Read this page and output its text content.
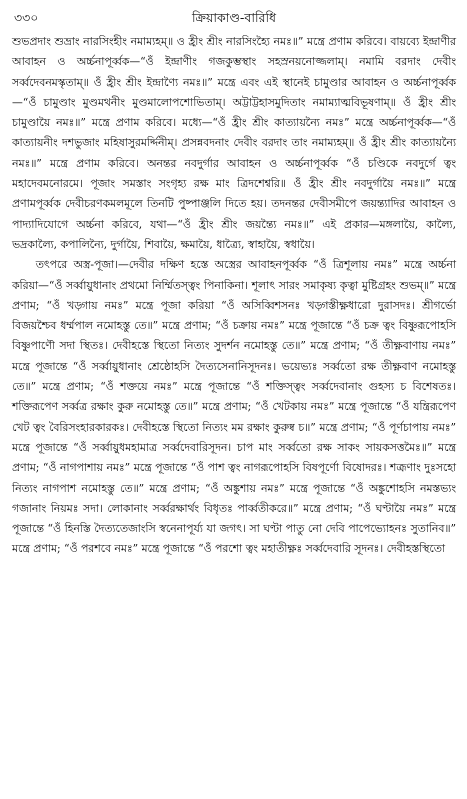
৩৩০	ক্রিয়াকাণ্ড-বারিধি

শুভপ্রদাং শুভ্রাং নারসিংহীং নমাম্যহম্‌॥ ও হ্রীং শ্রীং নারসিংহ্যৈ নমঃ॥” মন্ত্রে প্রণাম করিবে। বায়ব্যে ইন্দ্রাণীর আবাহন ও অর্চ্চনাপূর্ব্বক—“ওঁ ইন্দ্রাণীং গজকুম্ভস্থাং সহস্রনয়নোজ্জলাম্‌। নমামি বরদাং দেবীং সর্ব্বদেবনমস্কৃতাম্‌॥ ওঁ হ্রীং শ্রীং ইন্দ্রাণ্যৈ নমঃ॥” মন্ত্রে এবং এই স্থানেই চামুণ্ডার আবাহন ও অর্চ্চনাপূর্ব্বক—“ওঁ চামুণ্ডাং মুণ্ডমথনীং মুণ্ডমালোপশোভিতাম্‌। অট্টাট্টহাসমুদিতাং নমাম্যাত্মবিভূষণাম্‌॥ ওঁ হ্রীং শ্রীং চামুণ্ডায়ৈ নমঃ॥” মন্ত্রে প্রণাম করিবে। মধ্যে—“ওঁ হ্রীং শ্রীং কাত্যায়ন্যৈ নমঃ” মন্ত্রে অর্চ্চনাপূর্ব্বক—“ওঁ কাত্যায়নীং দশভুজাং মহিষাসুরমর্দ্দিনীম্‌। প্রসন্নবদনাং দেবীং বরদাং তাং নমাম্যহম্‌॥ ওঁ হ্রীং শ্রীং কাত্যায়ন্যৈ নমঃ॥” মন্ত্রে প্রণাম করিবে। অনন্তর নবদুর্গার আবাহন ও অর্চ্চনাপূর্ব্বক “ওঁ চণ্ডিকে নবদুর্গে ত্বং মহাদেবমনোরমে। পূজাং সমস্তাং সংগৃহ্য রক্ষ মাং ত্রিদশেশ্বরি॥ ওঁ হ্রীং শ্রীং নবদুর্গায়ৈ নমঃ॥” মন্ত্রে প্রণামপূর্ব্বক দেবীচরণকমলমূলে তিনটি পুষ্পাঞ্জলি দিতে হয়। তদনন্তর দেবীসমীপে জয়ন্ত্যাদির আবাহন ও পাদ্যাদিযোগে অর্চ্চনা করিবে, যথা—“ওঁ হ্রীং শ্রীং জয়ন্ত্যৈ নমঃ॥” এই প্রকার—মঙ্গলায়ৈ, কাল্যৈ, ভদ্রকাল্যৈ, কপালিন্যৈ, দুর্গায়ৈ, শিবায়ৈ, ক্ষমায়ৈ, ধাত্র্যৈ, স্বাহায়ৈ, স্বধায়ৈ।

তৎপরে অস্ত্র-পূজা।—দেবীর দক্ষিণ হস্তে অস্ত্রের আবাহনপূর্ব্বক “ওঁ ত্রিশূলায় নমঃ” মন্ত্রে অর্চ্চনা করিয়া—“ওঁ সর্ব্বায়ুধানাং প্রথমো নির্ম্মিতস্ত্বং পিনাকিনা। শূলাৎ সারং সমাকৃষ্য কৃত্বা মুষ্টিগ্রহং শুভম্‌॥” মন্ত্রে প্রণাম; “ওঁ খড়্গায় নমঃ” মন্ত্রে পূজা করিয়া “ওঁ অসিব্বিশসনঃ খড়্গস্তীক্ষ্ণধারো দুরাসদঃ। শ্রীগর্ভো বিজয়শ্চৈব ধর্ম্মপাল নমোহস্তু তে॥” মন্ত্রে প্রণাম; “ওঁ চক্রায় নমঃ” মন্ত্রে পূজান্তে “ওঁ চক্র ত্বং বিষ্ণুরূপোহসি বিষ্ণুপাণৌ সদা স্থিতঃ। দেবীহস্তে স্থিতো নিত্যং সুদর্শন নমোহস্তু তে॥” মন্ত্রে প্রণাম; “ওঁ তীক্ষ্ণবাণায় নমঃ” মন্ত্রে পূজান্তে “ওঁ সর্ব্বায়ুধানাং শ্রেষ্ঠোহসি দৈত্যসেনানিসূদনঃ। ভয়েভ্যঃ সর্ব্বতো রক্ষ তীক্ষ্ণবাণ নমোহস্তু তে॥” মন্ত্রে প্রণাম; “ওঁ শক্তয়ে নমঃ” মন্ত্রে পূজান্তে “ওঁ শক্তিস্ত্বং সর্ব্বদেবানাং গুহস্য চ বিশেষতঃ। শক্তিরূপেণ সর্ব্বত্র রক্ষাং কুরু নমোহস্তু তে॥” মন্ত্রে প্রণাম; “ওঁ খেটকায় নমঃ” মন্ত্রে পূজান্তে “ওঁ যন্ত্রিরূপেণ খেট ত্বং বৈরিসংহারকারকঃ। দেবীহস্তে স্থিতো নিত্যং মম রক্ষাং কুরুষ্ব চ॥” মন্ত্রে প্রণাম; “ওঁ পূর্ণচাপায় নমঃ” মন্ত্রে পূজান্তে “ওঁ সর্ব্বায়ুধমহামাত্র সর্ব্বদেবারিসূদন। চাপ মাং সর্ব্বতো রক্ষ সাকং সায়কসত্তমৈঃ॥” মন্ত্রে প্রণাম; “ওঁ নাগপাশায় নমঃ” মন্ত্রে পূজান্তে “ওঁ পাশ ত্বং নাগরূপোহসি বিষপূর্ণো বিষোদরঃ। শত্রূণাং দুঃসহো নিত্যং নাগপাশ নমোহস্তু তে॥” মন্ত্রে প্রণাম; “ওঁ অঙ্কুশায় নমঃ” মন্ত্রে পূজান্তে “ওঁ অঙ্কুশোহসি নমস্তভ্যং গজানাং নিয়মঃ সদা। লোকানাং সর্ব্বরক্ষার্থং বিধৃতঃ পার্ব্বতীকরে॥” মন্ত্রে প্রণাম; “ওঁ ঘণ্টায়ৈ নমঃ” মন্ত্রে পূজান্তে “ওঁ হিনস্তি দৈত্যতেজাংসি স্বনেনাপূর্য্য যা জগৎ। সা ঘণ্টা পাতু নো দেবি পাপেভ্যোহনঃ সুতানিব॥” মন্ত্রে প্রণাম; “ওঁ পরশবে নমঃ” মন্ত্রে পূজান্তে “ওঁ পরশো ত্বং মহাতীক্ষ্ণঃ সর্ব্বদেবারি সূদনঃ। দেবীহস্তস্থিতো
